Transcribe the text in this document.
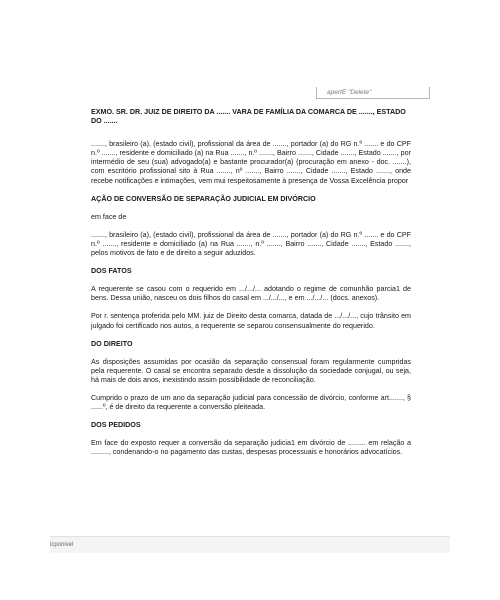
apertE "Delete"

EXMO. SR. DR. JUIZ DE DIREITO DA ....... VARA DE FAMÍLIA DA COMARCA DE ......., ESTADO DO .......

......., brasileiro (a), (estado civil), profissional da área de ......., portador (a) do RG n.º ....... e do CPF n.º ......., residente e domiciliado (a) na Rua ......., n.º ......., Bairro ......., Cidade ......., Estado ......., por intermédio de seu (sua) advogado(a) e bastante procurador(a) (procuração em anexo - doc. .......), com escritório profissional sito à Rua ......., nº ......., Bairro ......., Cidade ......., Estado ......., onde recebe notificações e intimações, vem mui respeitosamente à presença de Vossa Excelência propor

AÇÃO DE CONVERSÃO DE SEPARAÇÃO JUDICIAL EM DIVÓRCIO

em face de

......., brasileiro (a), (estado civil), profissional da área de ......., portador (a) do RG n.º ....... e do CPF n.º ......., residente e domiciliado (a) na Rua ......., n.º ......., Bairro ......., Cidade ......., Estado ......., pelos motivos de fato e de direito a seguir aduzidos.

DOS FATOS

A requerente se casou com o requerido em .../.../... adotando o regime de comunhão parcia1 de bens. Dessa união, nasceu os dois filhos do casal em .../.../..., e em .../.../... (docs. anexos).

Por r. sentença proferida pelo MM. juiz de Direito desta comarca, datada de .../.../..., cujo trânsito em julgado foi certificado nos autos, a requerente se separou consensualmente do requerido.

DO DIREITO

As disposições assumidas por ocasião da separação consensual foram regularmente cumpridas pela requerente. O casal se encontra separado desde a dissolução da sociedade conjugal, ou seja, há mais de dois anos, inexistindo assim possibilidade de reconciliação.

Cumprido o prazo de um ano da separação judicial para concessão de divórcio, conforme art......., § ......º, é de direito da requerente a conversão pleiteada.

DOS PEDIDOS

Em face do exposto requer a conversão da separação judicia1 em divórcio de ......... em relação a ........., condenando-o no pagamento das custas, despesas processuais e honorários advocatícios.

icponivel
